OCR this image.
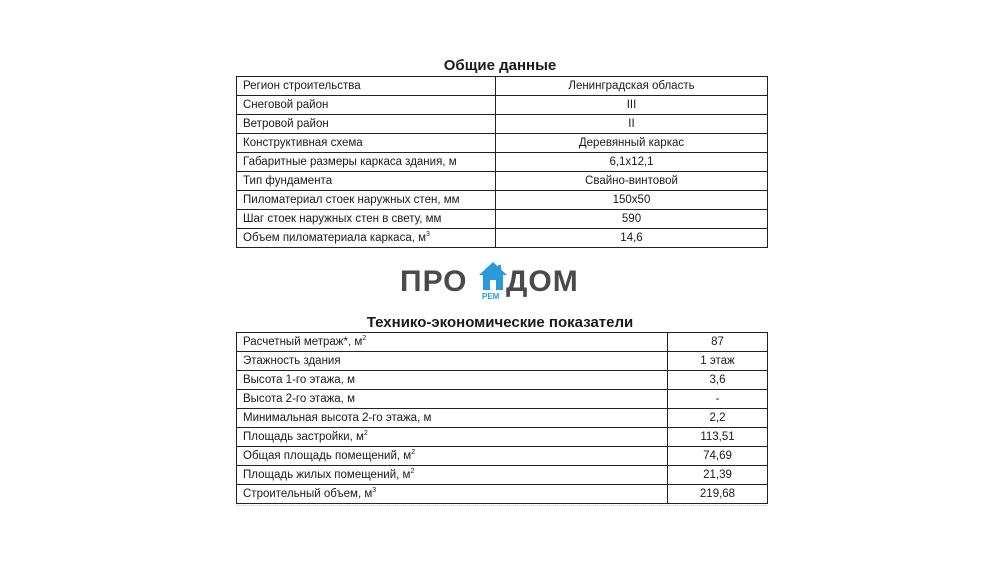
Общие данные
Регион строительства	Ленинградская область
Снеговой район	III
Ветровой район	II
Конструктивная схема	Деревянный каркас
Габаритные размеры каркаса здания, м	6,1х12,1
Тип фундамента	Свайно-винтовой
Пиломатериал стоек наружных стен, мм	150х50
Шаг стоек наружных стен в свету, мм	590
Объем пиломатериала каркаса, $м^3$	14,6
ПРО ДОМ
РЕМ
Технико-экономические показатели
Расчетный метраж*, $м^2$	87
Этажность здания	1 этаж
Высота 1-го этажа, м	3,6
Высота 2-го этажа, м	-
Минимальная высота 2-го этажа, м	2,2
Площадь застройки, $м^2$	113,51
Общая площадь помещений, $м^2$	74,69
Площадь жилых помещений, $м^2$	21,39
Строительный объем, $м^3$	219,68
